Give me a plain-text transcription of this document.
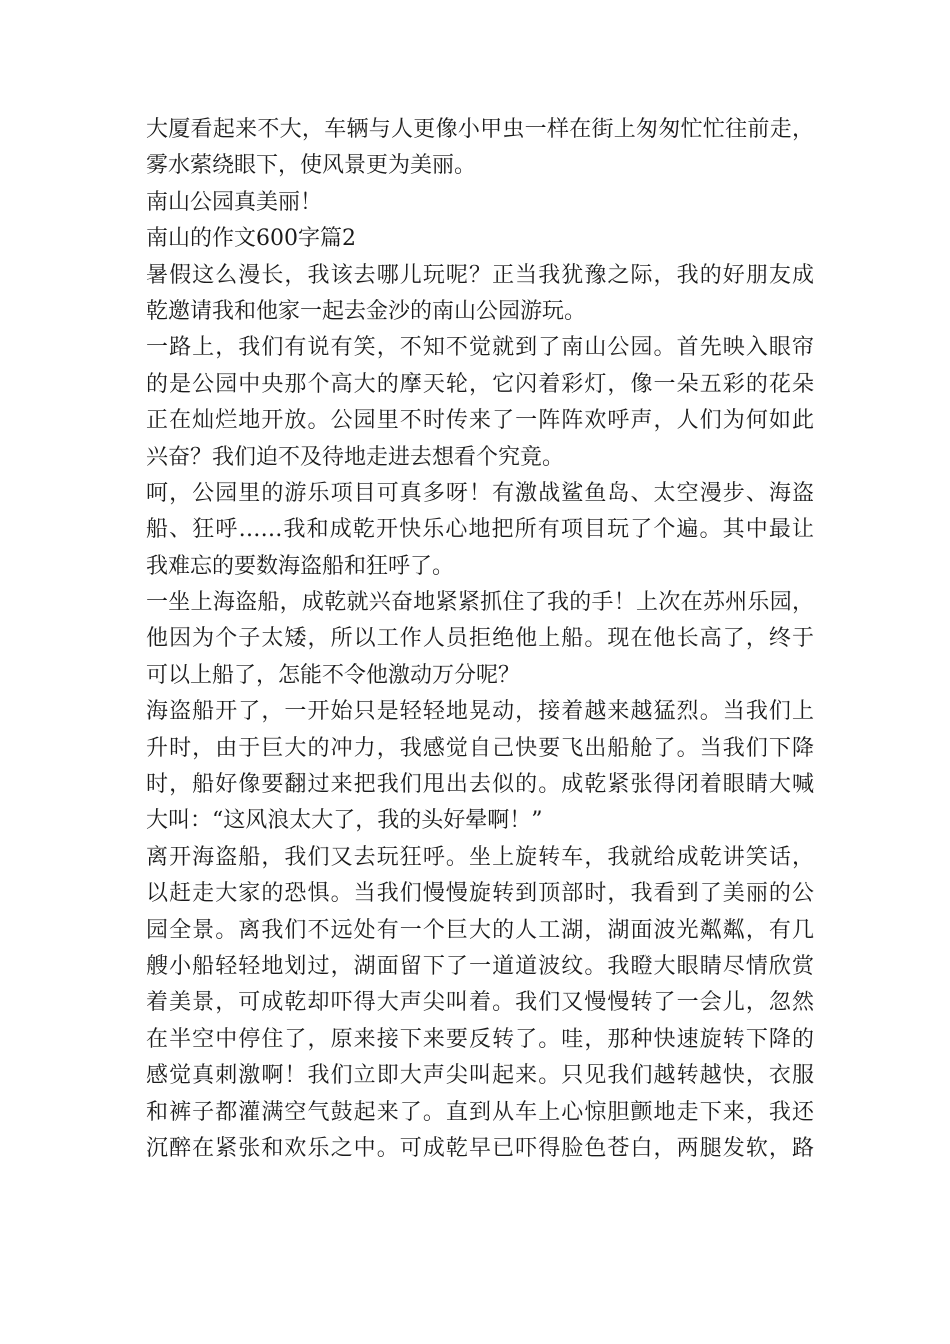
大厦看起来不大，车辆与人更像小甲虫一样在街上匆匆忙忙往前走，
雾水萦绕眼下，使风景更为美丽。
南山公园真美丽！
南山的作文600字篇2
暑假这么漫长，我该去哪儿玩呢？正当我犹豫之际，我的好朋友成
乾邀请我和他家一起去金沙的南山公园游玩。
一路上，我们有说有笑，不知不觉就到了南山公园。首先映入眼帘
的是公园中央那个高大的摩天轮，它闪着彩灯，像一朵五彩的花朵
正在灿烂地开放。公园里不时传来了一阵阵欢呼声，人们为何如此
兴奋？我们迫不及待地走进去想看个究竟。
呵，公园里的游乐项目可真多呀！有激战鲨鱼岛、太空漫步、海盗
船、狂呼……我和成乾开快乐心地把所有项目玩了个遍。其中最让
我难忘的要数海盗船和狂呼了。
一坐上海盗船，成乾就兴奋地紧紧抓住了我的手！上次在苏州乐园，
他因为个子太矮，所以工作人员拒绝他上船。现在他长高了，终于
可以上船了，怎能不令他激动万分呢？
海盗船开了，一开始只是轻轻地晃动，接着越来越猛烈。当我们上
升时，由于巨大的冲力，我感觉自己快要飞出船舱了。当我们下降
时，船好像要翻过来把我们甩出去似的。成乾紧张得闭着眼睛大喊
大叫：“这风浪太大了，我的头好晕啊！”
离开海盗船，我们又去玩狂呼。坐上旋转车，我就给成乾讲笑话，
以赶走大家的恐惧。当我们慢慢旋转到顶部时，我看到了美丽的公
园全景。离我们不远处有一个巨大的人工湖，湖面波光粼粼，有几
艘小船轻轻地划过，湖面留下了一道道波纹。我瞪大眼睛尽情欣赏
着美景，可成乾却吓得大声尖叫着。我们又慢慢转了一会儿，忽然
在半空中停住了，原来接下来要反转了。哇，那种快速旋转下降的
感觉真刺激啊！我们立即大声尖叫起来。只见我们越转越快，衣服
和裤子都灌满空气鼓起来了。直到从车上心惊胆颤地走下来，我还
沉醉在紧张和欢乐之中。可成乾早已吓得脸色苍白，两腿发软，路
